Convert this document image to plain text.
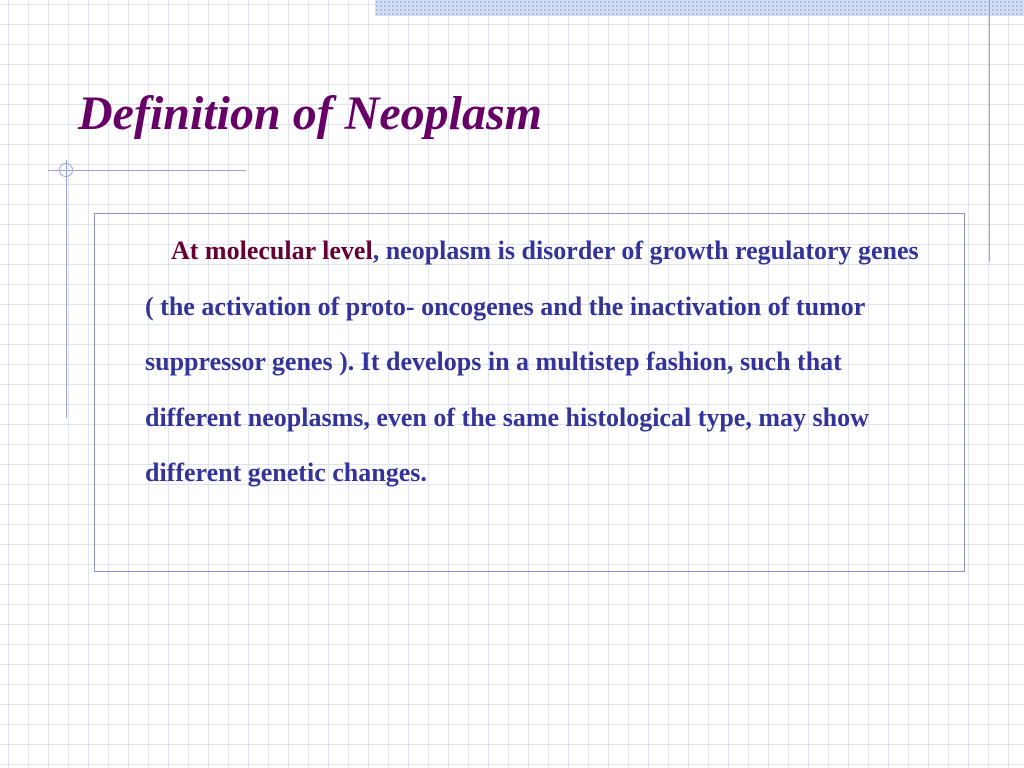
Definition of Neoplasm

At molecular level, neoplasm is disorder of growth regulatory genes ( the activation of proto- oncogenes and the inactivation of tumor suppressor genes ). It develops in a multistep fashion, such that different neoplasms, even of the same histological type, may show different genetic changes.
